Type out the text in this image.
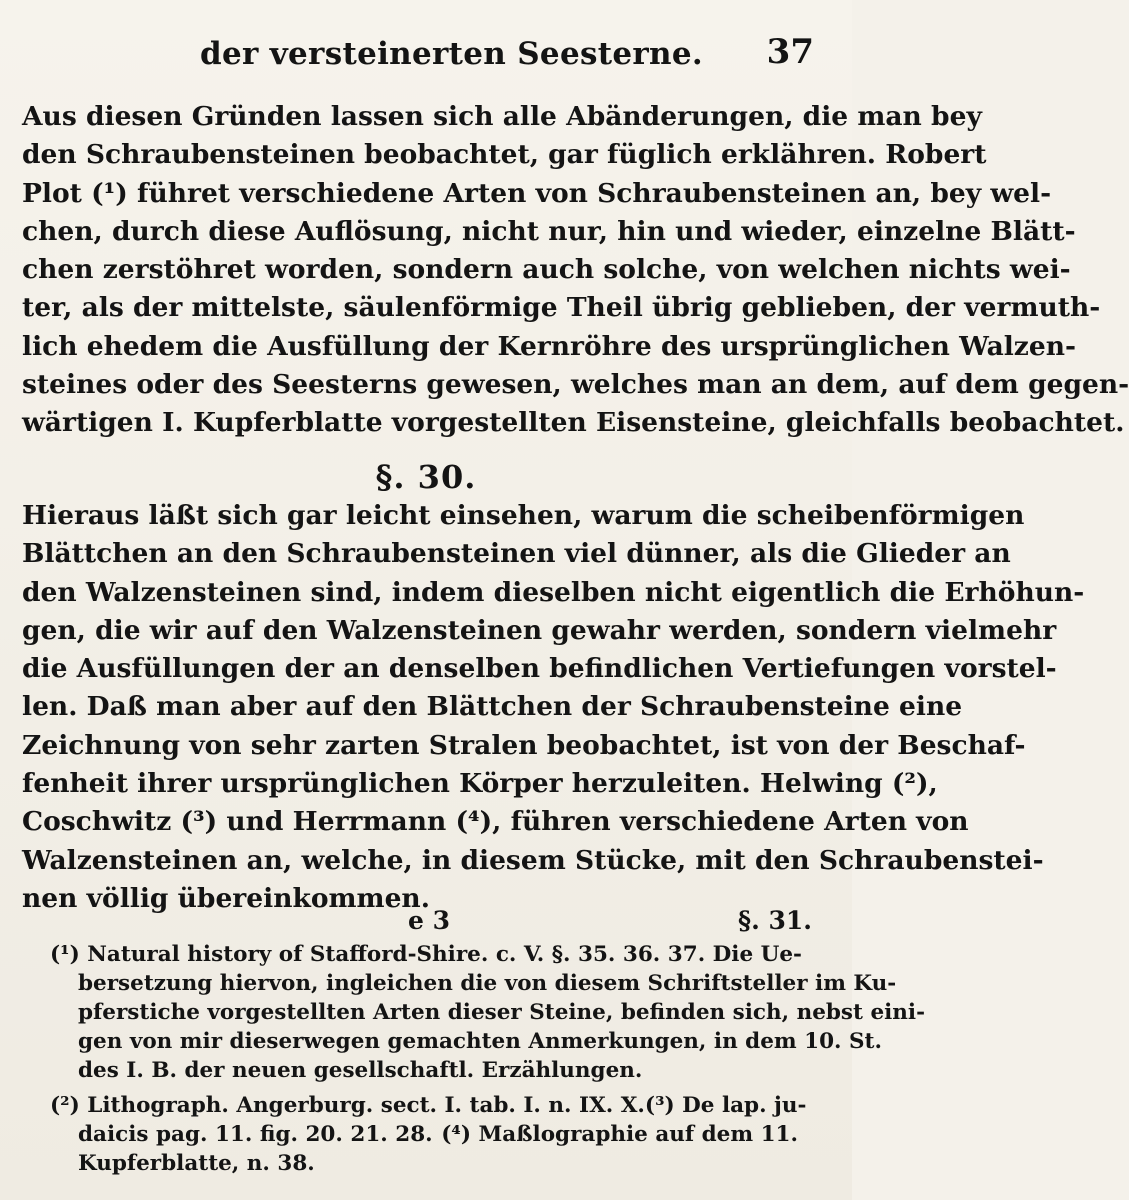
der versteinerten Seesterne. 37
Aus diesen Gründen lassen sich alle Abänderungen, die man bey
den Schraubensteinen beobachtet, gar füglich erklähren. Robert
Plot (¹) führet verschiedene Arten von Schraubensteinen an, bey wel-
chen, durch diese Auflösung, nicht nur, hin und wieder, einzelne Blätt-
chen zerstöhret worden, sondern auch solche, von welchen nichts wei-
ter, als der mittelste, säulenförmige Theil übrig geblieben, der vermuth-
lich ehedem die Ausfüllung der Kernröhre des ursprünglichen Walzen-
steines oder des Seesterns gewesen, welches man an dem, auf dem gegen-
wärtigen I. Kupferblatte vorgestellten Eisensteine, gleichfalls beobachtet.
§. 30.
Hieraus läßt sich gar leicht einsehen, warum die scheibenförmigen
Blättchen an den Schraubensteinen viel dünner, als die Glieder an
den Walzensteinen sind, indem dieselben nicht eigentlich die Erhöhun-
gen, die wir auf den Walzensteinen gewahr werden, sondern vielmehr
die Ausfüllungen der an denselben befindlichen Vertiefungen vorstel-
len. Daß man aber auf den Blättchen der Schraubensteine eine
Zeichnung von sehr zarten Stralen beobachtet, ist von der Beschaf-
fenheit ihrer ursprünglichen Körper herzuleiten. Helwing (²),
Coschwitz (³) und Herrmann (⁴), führen verschiedene Arten von
Walzensteinen an, welche, in diesem Stücke, mit den Schraubenstei-
nen völlig übereinkommen.
e 3	§. 31.
(¹) Natural history of Stafford-Shire. c. V. §. 35. 36. 37. Die Ue-
bersetzung hiervon, ingleichen die von diesem Schriftsteller im Ku-
pferstiche vorgestellten Arten dieser Steine, befinden sich, nebst eini-
gen von mir dieserwegen gemachten Anmerkungen, in dem 10. St.
des I. B. der neuen gesellschaftl. Erzählungen.
(²) Lithograph. Angerburg. sect. I. tab. I. n. IX. X. (³) De lap. ju-
daicis pag. 11. fig. 20. 21. 28. (⁴) Maßlographie auf dem 11.
Kupferblatte, n. 38.
